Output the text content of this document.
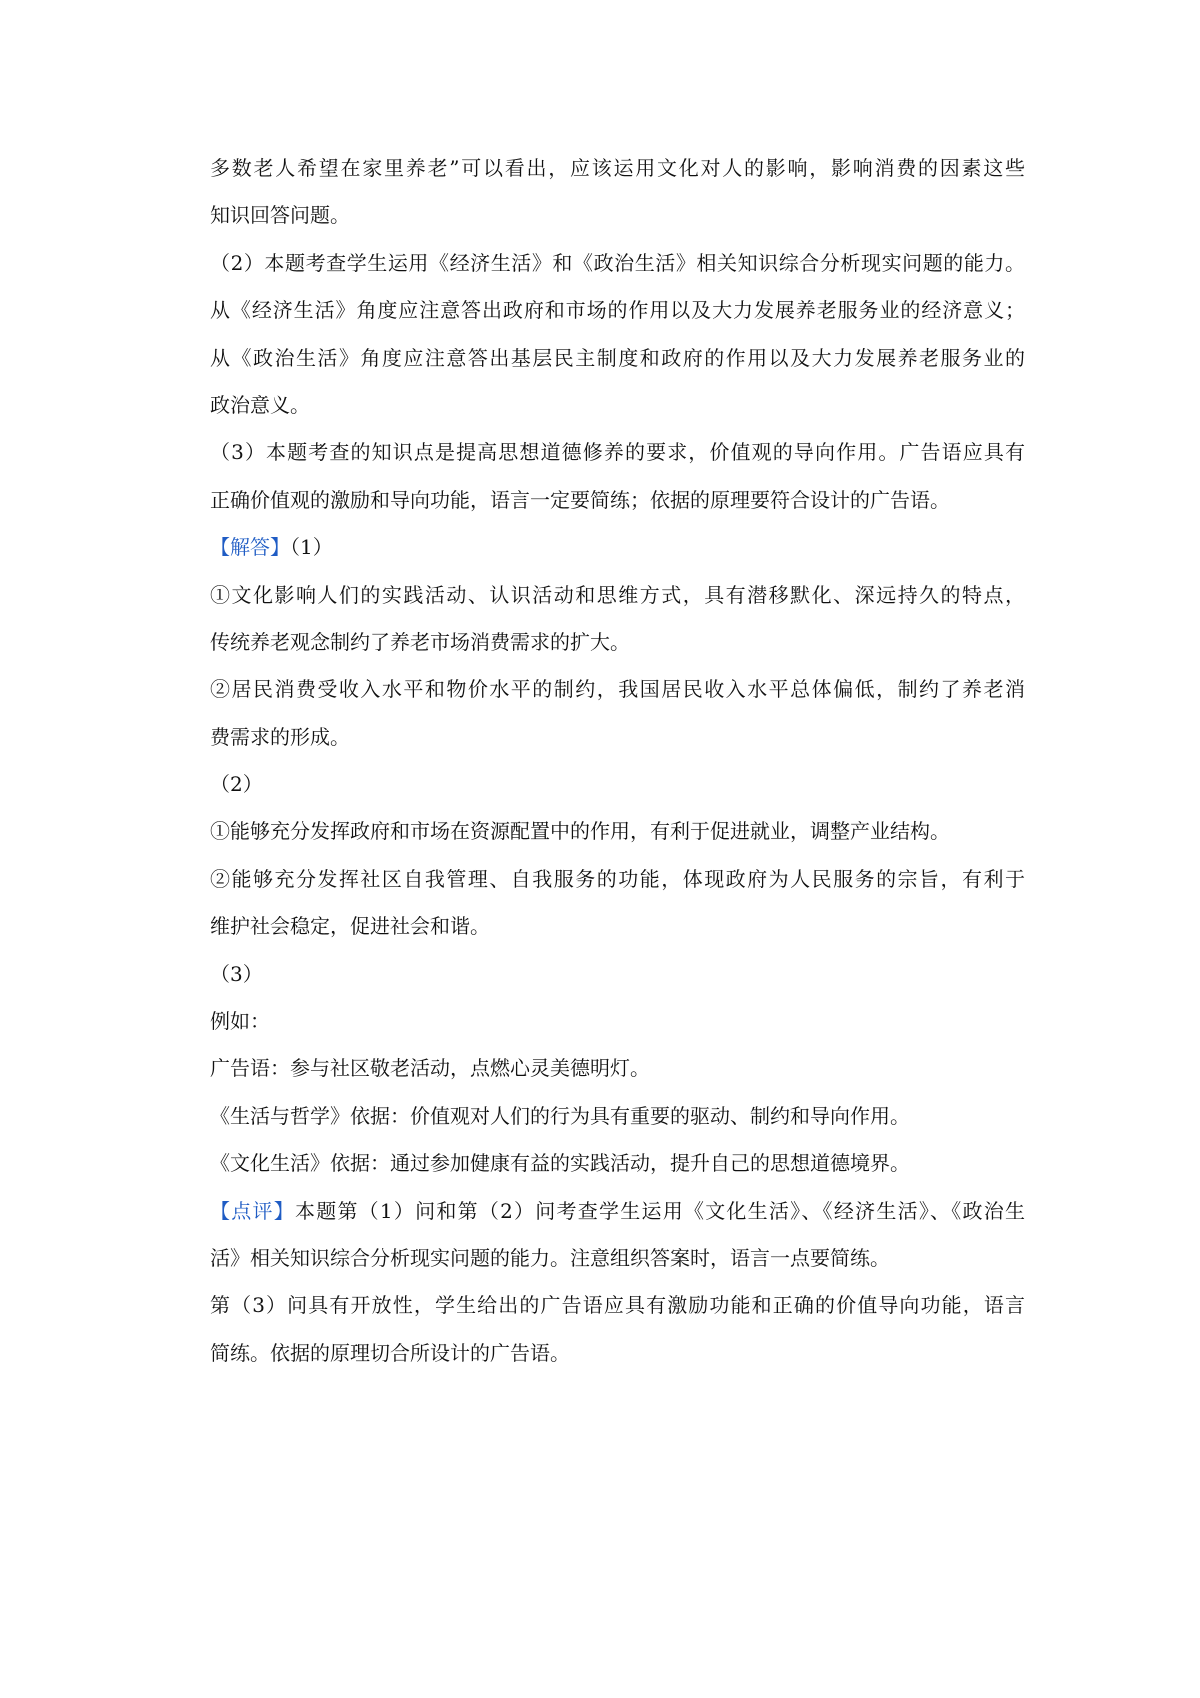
多数老人希望在家里养老”可以看出，应该运用文化对人的影响，影响消费的因素这些
知识回答问题。
（2）本题考查学生运用《经济生活》和《政治生活》相关知识综合分析现实问题的能力。
从《经济生活》角度应注意答出政府和市场的作用以及大力发展养老服务业的经济意义；
从《政治生活》角度应注意答出基层民主制度和政府的作用以及大力发展养老服务业的
政治意义。
（3）本题考查的知识点是提高思想道德修养的要求，价值观的导向作用。广告语应具有
正确价值观的激励和导向功能，语言一定要简练；依据的原理要符合设计的广告语。
【解答】（1）
①文化影响人们的实践活动、认识活动和思维方式，具有潜移默化、深远持久的特点，
传统养老观念制约了养老市场消费需求的扩大。
②居民消费受收入水平和物价水平的制约，我国居民收入水平总体偏低，制约了养老消
费需求的形成。
（2）
①能够充分发挥政府和市场在资源配置中的作用，有利于促进就业，调整产业结构。
②能够充分发挥社区自我管理、自我服务的功能，体现政府为人民服务的宗旨，有利于
维护社会稳定，促进社会和谐。
（3）
例如：
广告语：参与社区敬老活动，点燃心灵美德明灯。
《生活与哲学》依据：价值观对人们的行为具有重要的驱动、制约和导向作用。
《文化生活》依据：通过参加健康有益的实践活动，提升自己的思想道德境界。
【点评】本题第（1）问和第（2）问考查学生运用《文化生活》、《经济生活》、《政治生
活》相关知识综合分析现实问题的能力。注意组织答案时，语言一点要简练。
第（3）问具有开放性，学生给出的广告语应具有激励功能和正确的价值导向功能，语言
简练。依据的原理切合所设计的广告语。
